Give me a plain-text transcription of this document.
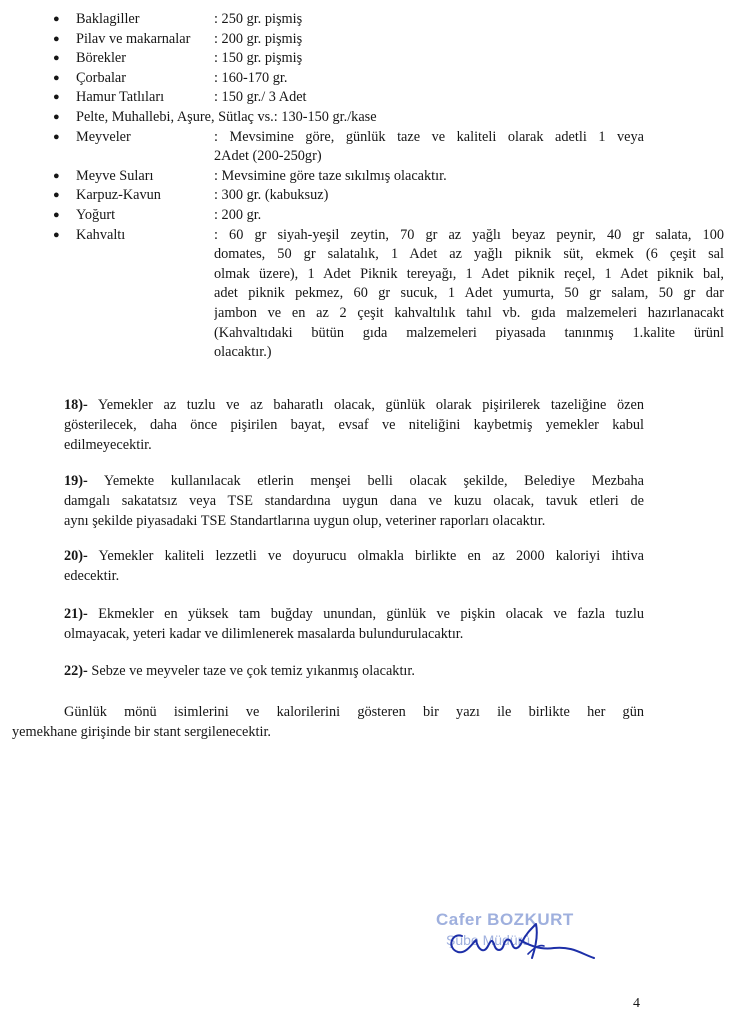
● Baklagiller	: 250 gr. pişmiş
● Pilav ve makarnalar : 200 gr. pişmiş
● Börekler	: 150 gr. pişmiş
● Çorbalar	: 160-170 gr.
● Hamur Tatlıları	: 150 gr./ 3 Adet
● Pelte, Muhallebi, Aşure, Sütlaç vs.: 130-150 gr./kase
● Meyveler	: Mevsimine göre, günlük taze ve kaliteli olarak adetli 1 veya
2Adet (200-250gr)
● Meyve Suları	: Mevsimine göre taze sıkılmış olacaktır.
● Karpuz-Kavun	: 300 gr. (kabuksuz)
● Yoğurt	: 200 gr.
● Kahvaltı	: 60 gr siyah-yeşil zeytin, 70 gr az yağlı beyaz peynir, 40 gr salata, 100
domates, 50 gr salatalık, 1 Adet az yağlı piknik süt, ekmek (6 çeşit sal
olmak üzere), 1 Adet Piknik tereyağı, 1 Adet piknik reçel, 1 Adet piknik bal,
adet piknik pekmez, 60 gr sucuk, 1 Adet yumurta, 50 gr salam, 50 gr dar
jambon ve en az 2 çeşit kahvaltılık tahıl vb. gıda malzemeleri hazırlanacakt
(Kahvaltıdaki bütün gıda malzemeleri piyasada tanınmış 1.kalite ürünl
olacaktır.)
18)- Yemekler az tuzlu ve az baharatlı olacak, günlük olarak pişirilerek tazeliğine özen
gösterilecek, daha önce pişirilen bayat, evsaf ve niteliğini kaybetmiş yemekler kabul
edilmeyecektir.
19)- Yemekte kullanılacak etlerin menşei belli olacak şekilde, Belediye Mezbaha
damgalı sakatatsız veya TSE standardına uygun dana ve kuzu olacak, tavuk etleri de
aynı şekilde piyasadaki TSE Standartlarına uygun olup, veteriner raporları olacaktır.
20)- Yemekler kaliteli lezzetli ve doyurucu olmakla birlikte en az 2000 kaloriyi ihtiva
edecektir.
21)- Ekmekler en yüksek tam buğday unundan, günlük ve pişkin olacak ve fazla tuzlu
olmayacak, yeteri kadar ve dilimlenerek masalarda bulundurulacaktır.
22)- Sebze ve meyveler taze ve çok temiz yıkanmış olacaktır.
Günlük mönü isimlerini ve kalorilerini gösteren bir yazı ile birlikte her gün
yemekhane girişinde bir stant sergilenecektir.
Cafer BOZKURT
Şube Müdürü
4
